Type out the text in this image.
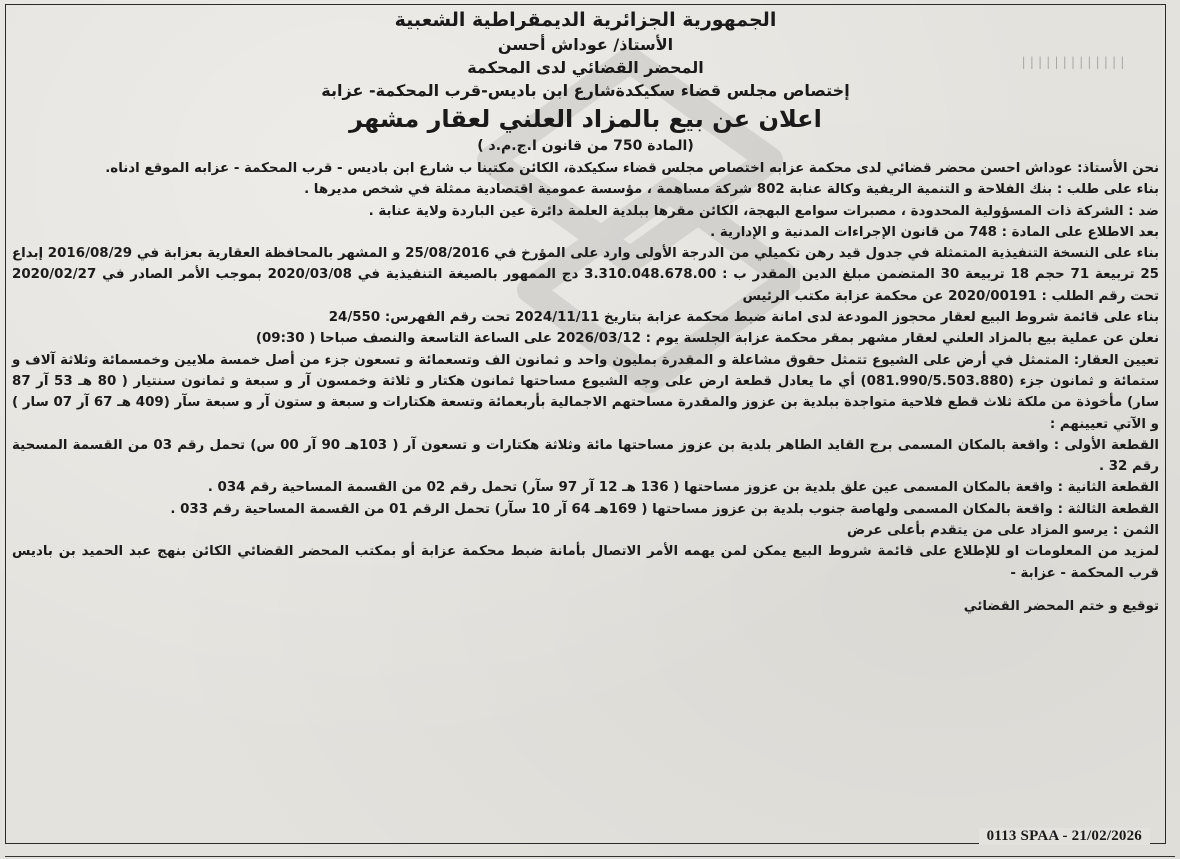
|||||||||||||
الجمهورية الجزائرية الديمقراطية الشعبية
الأستاذ/ عوداش أحسن
المحضر القضائي لدى المحكمة
إختصاص مجلس قضاء سكيكدةشارع ابن باديس-قرب المحكمة- عزابة
اعلان عن بيع بالمزاد العلني لعقار مشهر
(المادة 750 من قانون ا.ج.م.د )

نحن الأستاذ: عوداش احسن محضر قضائي لدى محكمة عزابه اختصاص مجلس قضاء سكيكدة، الكائن مكتبنا ب شارع ابن باديس - قرب المحكمة - عزابه الموقع ادناه.

بناء على طلب : بنك الفلاحة و التنمية الريفية وكالة عنابة 802 شركة مساهمة ، مؤسسة عمومية اقتصادية ممثلة في شخص مديرها .

ضد : الشركة ذات المسؤولية المحدودة ، مصبرات سوامع البهجة، الكائن مقرها ببلدية العلمة دائرة عين الباردة ولاية عنابة .

بعد الاطلاع على المادة : 748 من قانون الإجراءات المدنية و الإدارية .

بناء على النسخة التنفيذية المتمثلة في جدول قيد رهن تكميلي من الدرجة الأولى وارد على المؤرخ في 25/08/2016 و المشهر بالمحافظة العقارية بعزابة في 2016/08/29 إبداع 25 تربيعة 71 حجم 18 تربيعة 30 المتضمن مبلغ الدين المقدر ب : 3.310.048.678.00 دج الممهور بالصيغة التنفيذية في 2020/03/08 بموجب الأمر الصادر في 2020/02/27 تحت رقم الطلب : 2020/00191 عن محكمة عزابة مكتب الرئيس

بناء على قائمة شروط البيع لعقار محجوز المودعة لدى امانة ضبط محكمة عزابة بتاريخ 2024/11/11 تحت رقم الفهرس: 24/550

نعلن عن عملية بيع بالمزاد العلني لعقار مشهر بمقر محكمة عزابة الجلسة يوم : 2026/03/12 على الساعة التاسعة والنصف صباحا ( 09:30)

تعيين العقار: المتمثل في أرض على الشيوع تتمثل حقوق مشاعلة و المقدرة بمليون واحد و ثمانون الف وتسعمائة و تسعون جزء من أصل خمسة ملايين وخمسمائة وثلاثة آلاف و ستمائة و ثمانون جزء (081.990/5.503.880) أي ما يعادل قطعة ارض على وجه الشيوع مساحتها ثمانون هكتار و ثلاثة وخمسون آر و سبعة و ثمانون سنتيار ( 80 هـ 53 آر 87 سار) مأخوذة من ملكة ثلاث قطع فلاحية متواجدة ببلدية بن عزوز والمقدرة مساحتهم الاجمالية بأربعمائة وتسعة هكتارات و سبعة و ستون آر و سبعة سآر (409 هـ 67 آر 07 سار ) و الآتي تعيينهم :

القطعة الأولى : واقعة بالمكان المسمى برج القايد الطاهر بلدية بن عزوز مساحتها مائة وثلاثة هكتارات و تسعون آر ( 103هـ 90 آر 00 س) تحمل رقم 03 من القسمة المسحية رقم 32 .

القطعة الثانية : واقعة بالمكان المسمى عين علق بلدية بن عزوز مساحتها ( 136 هـ 12 آر 97 سآر) تحمل رقم 02 من القسمة المساحية رقم 034 .

القطعة الثالثة : واقعة بالمكان المسمى ولهاصة جنوب بلدية بن عزوز مساحتها ( 169هـ 64 آر 10 سآر) تحمل الرقم 01 من القسمة المساحية رقم 033 .

الثمن : يرسو المزاد على من يتقدم بأعلى عرض

لمزيد من المعلومات او للإطلاع على قائمة شروط البيع يمكن لمن يهمه الأمر الاتصال بأمانة ضبط محكمة عزابة أو بمكتب المحضر القضائي الكائن بنهج عبد الحميد بن باديس قرب المحكمة - عزابة -

توقيع و ختم المحضر القضائي
0113 SPAA - 21/02/2026
